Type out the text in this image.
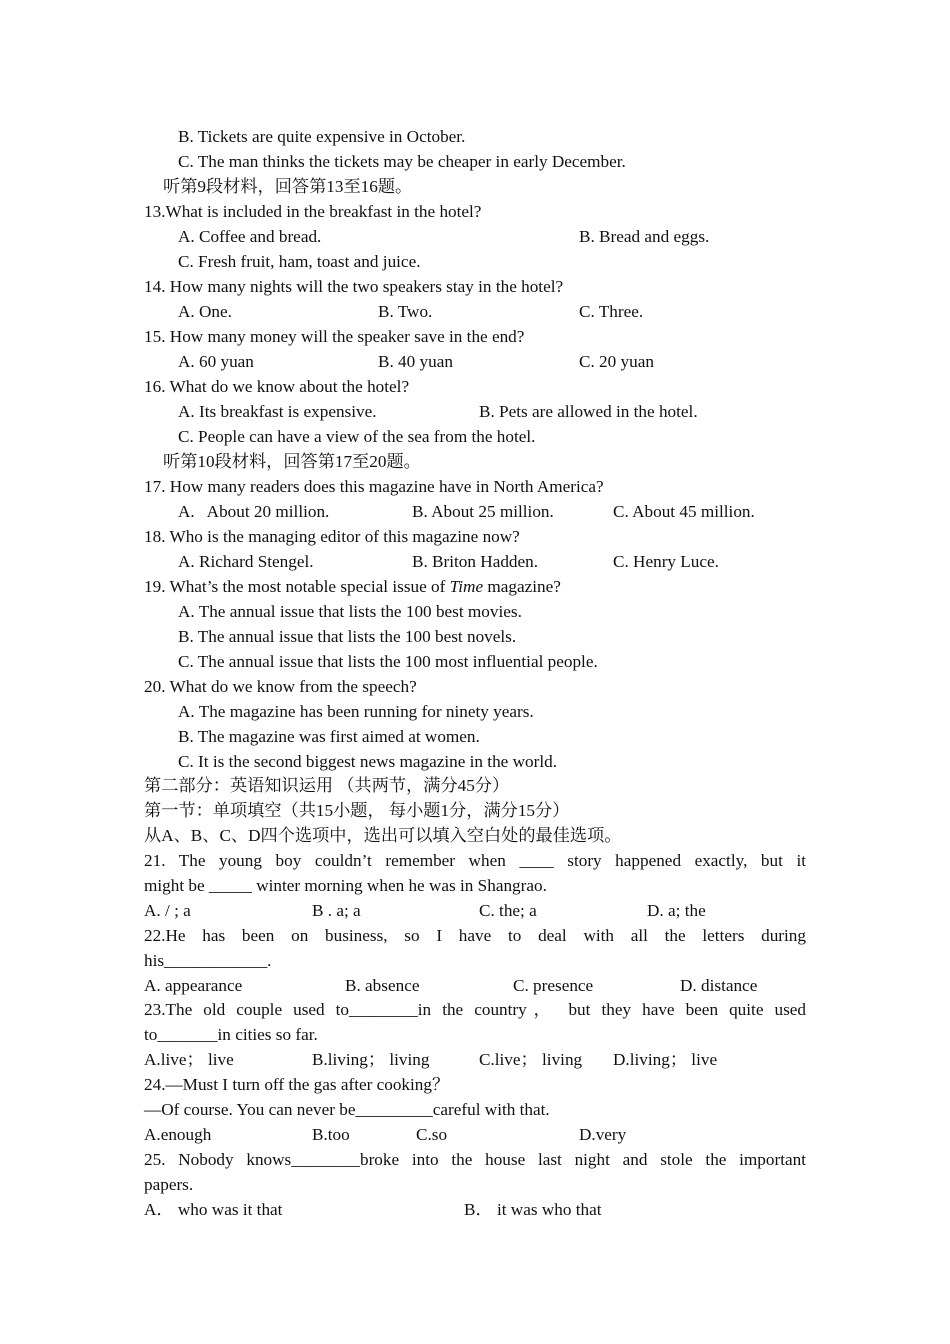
B. Tickets are quite expensive in October.
C. The man thinks the tickets may be cheaper in early December.
听第9段材料，回答第13至16题。
13.What is included in the breakfast in the hotel?
A. Coffee and bread.	B. Bread and eggs.
C. Fresh fruit, ham, toast and juice.
14. How many nights will the two speakers stay in the hotel?
A. One.	B. Two.	C. Three.
15. How many money will the speaker save in the end?
A. 60 yuan	B. 40 yuan	C. 20 yuan
16. What do we know about the hotel?
A. Its breakfast is expensive.	B. Pets are allowed in the hotel.
C. People can have a view of the sea from the hotel.
听第10段材料，回答第17至20题。
17. How many readers does this magazine have in North America?
A.   About 20 million.	B. About 25 million.	C. About 45 million.
18. Who is the managing editor of this magazine now?
A. Richard Stengel.	B. Briton Hadden.	C. Henry Luce.
19. What’s the most notable special issue of Time magazine?
A. The annual issue that lists the 100 best movies.
B. The annual issue that lists the 100 best novels.
C. The annual issue that lists the 100 most influential people.
20. What do we know from the speech?
A. The magazine has been running for ninety years.
B. The magazine was first aimed at women.
C. It is the second biggest news magazine in the world.
第二部分：英语知识运用 （共两节，满分45分）
第一节：单项填空（共15小题， 每小题1分，满分15分）
从A、B、C、D四个选项中，选出可以填入空白处的最佳选项。
21. The young boy couldn’t remember when ____ story happened exactly, but it
might be _____ winter morning when he was in Shangrao.
A. / ; a	B . a; a	C. the; a	D. a; the
22.He has been on business, so I have to deal with all the letters during
his____________.
A. appearance	B. absence	C. presence	D. distance
23.The old couple used to________in the country， but they have been quite used
to_______in cities so far.
A.live； live	B.living； living	C.live； living D.living； live
24.—Must I turn off the gas after cooking？
—Of course. You can never be_________careful with that.
A.enough	B.too	C.so	D.very
25. Nobody knows________broke into the house last night and stole the important
papers.
A． who was it that	B． it was who that
